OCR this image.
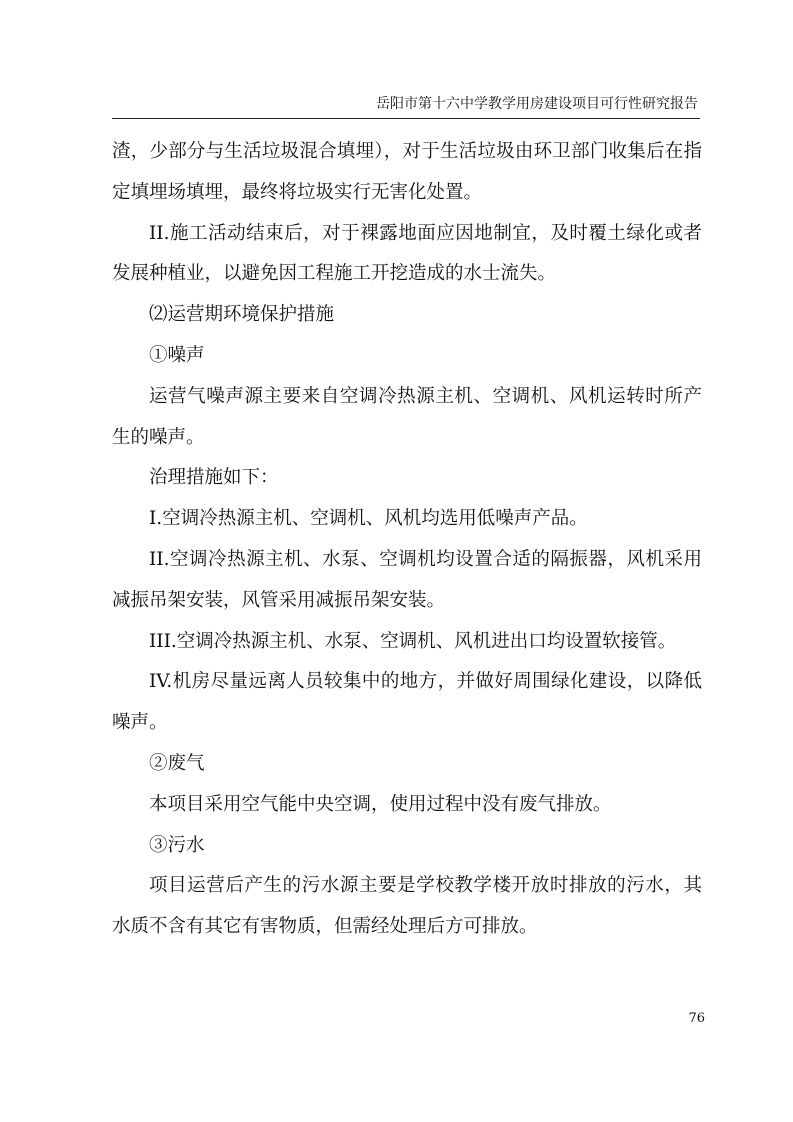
岳阳市第十六中学教学用房建设项目可行性研究报告

渣，少部分与生活垃圾混合填埋），对于生活垃圾由环卫部门收集后在指定填埋场填埋，最终将垃圾实行无害化处置。

II.施工活动结束后，对于裸露地面应因地制宜，及时覆土绿化或者发展种植业，以避免因工程施工开挖造成的水士流失。

⑵运营期环境保护措施

①噪声

运营气噪声源主要来自空调冷热源主机、空调机、风机运转时所产生的噪声。

治理措施如下：

I.空调冷热源主机、空调机、风机均选用低噪声产品。

II.空调冷热源主机、水泵、空调机均设置合适的隔振器，风机采用减振吊架安装，风管采用减振吊架安装。

III.空调冷热源主机、水泵、空调机、风机进出口均设置软接管。

IV.机房尽量远离人员较集中的地方，并做好周围绿化建设，以降低噪声。

②废气

本项目采用空气能中央空调，使用过程中没有废气排放。

③污水

项目运营后产生的污水源主要是学校教学楼开放时排放的污水，其水质不含有其它有害物质，但需经处理后方可排放。

76
